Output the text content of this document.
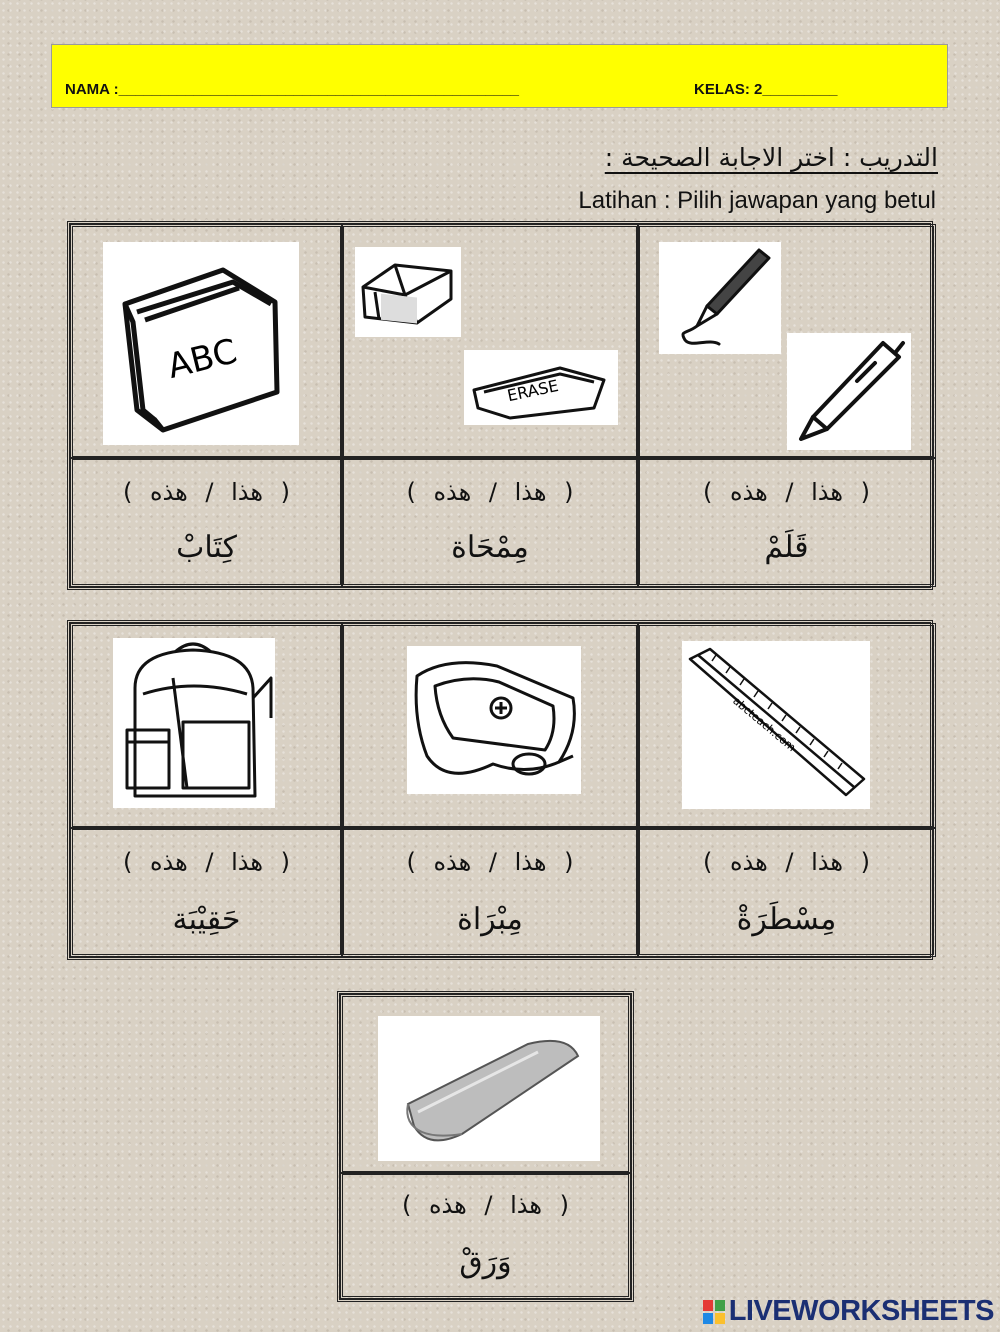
NAMA :________________________________________________	KELAS: 2_________
التدريب : اختر الاجابة الصحيحة :
Latihan : Pilih jawapan yang betul
ABC
ERASE
( هذا / هذه )
كِتَابْ
( هذا / هذه )
مِمْحَاة
( هذا / هذه )
قَلَمْ
abcteach.com
( هذا / هذه )
حَقِيْبَة
( هذا / هذه )
مِبْرَاة
( هذا / هذه )
مِسْطَرَةْ
( هذا / هذه )
وَرَقْ
LIVEWORKSHEETS
